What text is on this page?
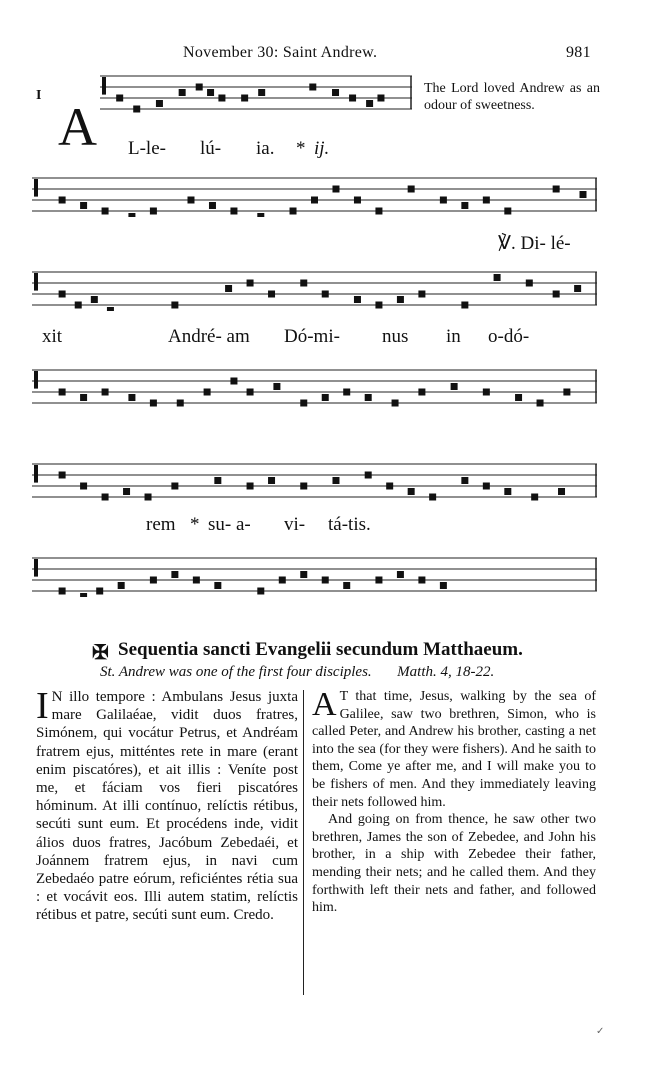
November 30: Saint Andrew.	981
I
A
The Lord loved Andrew as an odour of sweetness.
L-le- lú- ia. * ij.
℣. Di- lé-
xit	André- am Dó-mi- nus in o-dó-
rem * su- a- vi- tá-tis.
✠ Sequentia sancti Evangelii secundum Matthaeum.
St. Andrew was one of the first four disciples. Matth. 4, 18-22.

I N illo tempore : Ambulans Jesus juxta mare Galilaéae, vidit duos fratres, Simónem, qui vocátur Petrus, et Andréam fratrem ejus, mitténtes rete in mare (erant enim piscatóres), et ait illis : Veníte post me, et fáciam vos fieri piscatóres hóminum. At illi contínuo, relíctis rétibus, secúti sunt eum. Et procédens inde, vidit álios duos fratres, Jacóbum Zebedaéi, et Joánnem fratrem ejus, in navi cum Zebedaéo patre eórum, reficiéntes rétia sua : et vocávit eos. Illi autem statim, relíctis rétibus et patre, secúti sunt eum. Credo.

A T that time, Jesus, walking by the sea of Galilee, saw two brethren, Simon, who is called Peter, and Andrew his brother, casting a net into the sea (for they were fishers). And he saith to them, Come ye after me, and I will make you to be fishers of men. And they immediately leaving their nets followed him.

And going on from thence, he saw other two brethren, James the son of Zebedee, and John his brother, in a ship with Zebedee their father, mending their nets; and he called them. And they forthwith left their nets and father, and followed him.

✓
